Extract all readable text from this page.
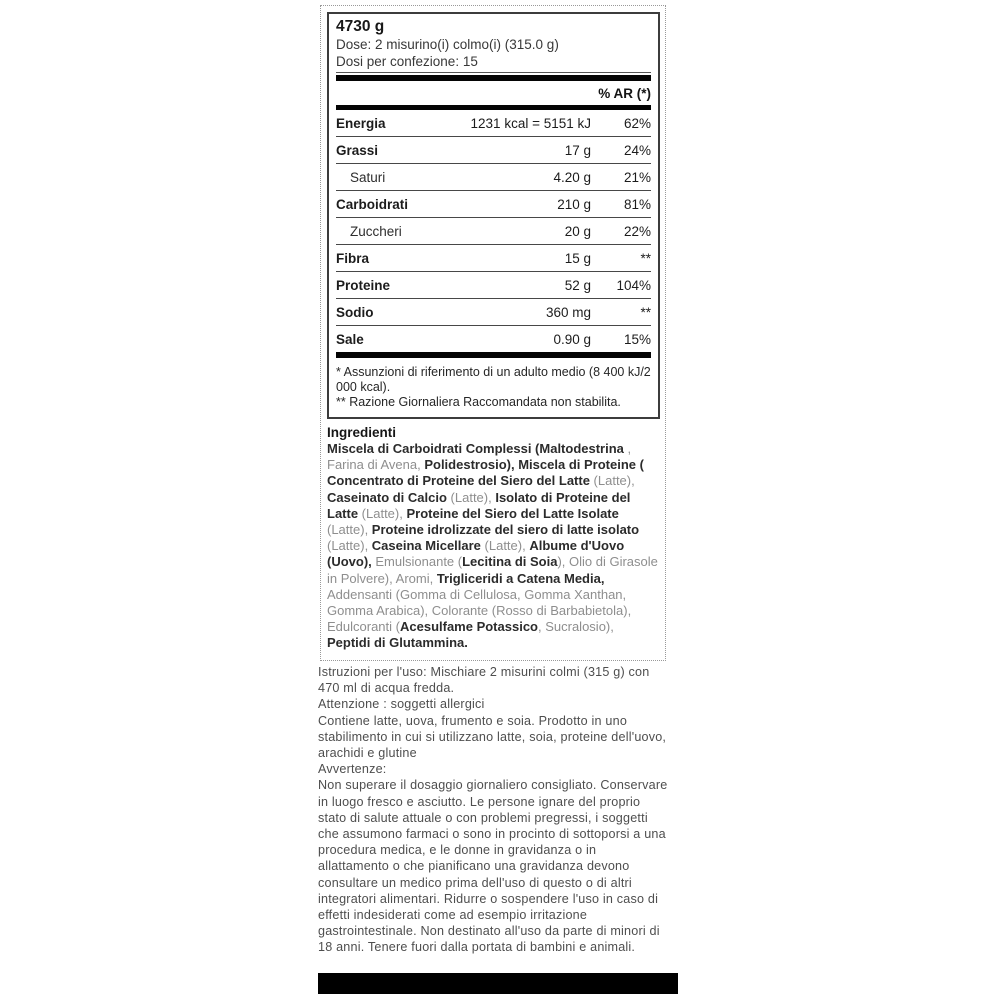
4730 g
Dose: 2 misurino(i) colmo(i) (315.0 g)
Dosi per confezione: 15
% AR (*)
Energia	1231 kcal = 5151 kJ	62%
Grassi	17 g	24%
Saturi	4.20 g	21%
Carboidrati	210 g	81%
Zuccheri	20 g	22%
Fibra	15 g	**
Proteine	52 g	104%
Sodio	360 mg	**
Sale	0.90 g	15%
* Assunzioni di riferimento di un adulto medio (8 400 kJ/2 000 kcal).
** Razione Giornaliera Raccomandata non stabilita.
Ingredienti
Miscela di Carboidrati Complessi (Maltodestrina , Farina di Avena, Polidestrosio), Miscela di Proteine ( Concentrato di Proteine del Siero del Latte (Latte), Caseinato di Calcio (Latte), Isolato di Proteine del Latte (Latte), Proteine del Siero del Latte Isolate (Latte), Proteine idrolizzate del siero di latte isolato (Latte), Caseina Micellare (Latte), Albume d'Uovo (Uovo), Emulsionante (Lecitina di Soia), Olio di Girasole in Polvere), Aromi, Trigliceridi a Catena Media, Addensanti (Gomma di Cellulosa, Gomma Xanthan, Gomma Arabica), Colorante (Rosso di Barbabietola), Edulcoranti (Acesulfame Potassico, Sucralosio), Peptidi di Glutammina.
Istruzioni per l'uso: Mischiare 2 misurini colmi (315 g) con 470 ml di acqua fredda.
Attenzione : soggetti allergici
Contiene latte, uova, frumento e soia. Prodotto in uno stabilimento in cui si utilizzano latte, soia, proteine dell'uovo, arachidi e glutine
Avvertenze:
Non superare il dosaggio giornaliero consigliato. Conservare in luogo fresco e asciutto. Le persone ignare del proprio stato di salute attuale o con problemi pregressi, i soggetti che assumono farmaci o sono in procinto di sottoporsi a una procedura medica, e le donne in gravidanza o in allattamento o che pianificano una gravidanza devono consultare un medico prima dell'uso di questo o di altri integratori alimentari. Ridurre o sospendere l'uso in caso di effetti indesiderati come ad esempio irritazione gastrointestinale. Non destinato all'uso da parte di minori di 18 anni. Tenere fuori dalla portata di bambini e animali.
